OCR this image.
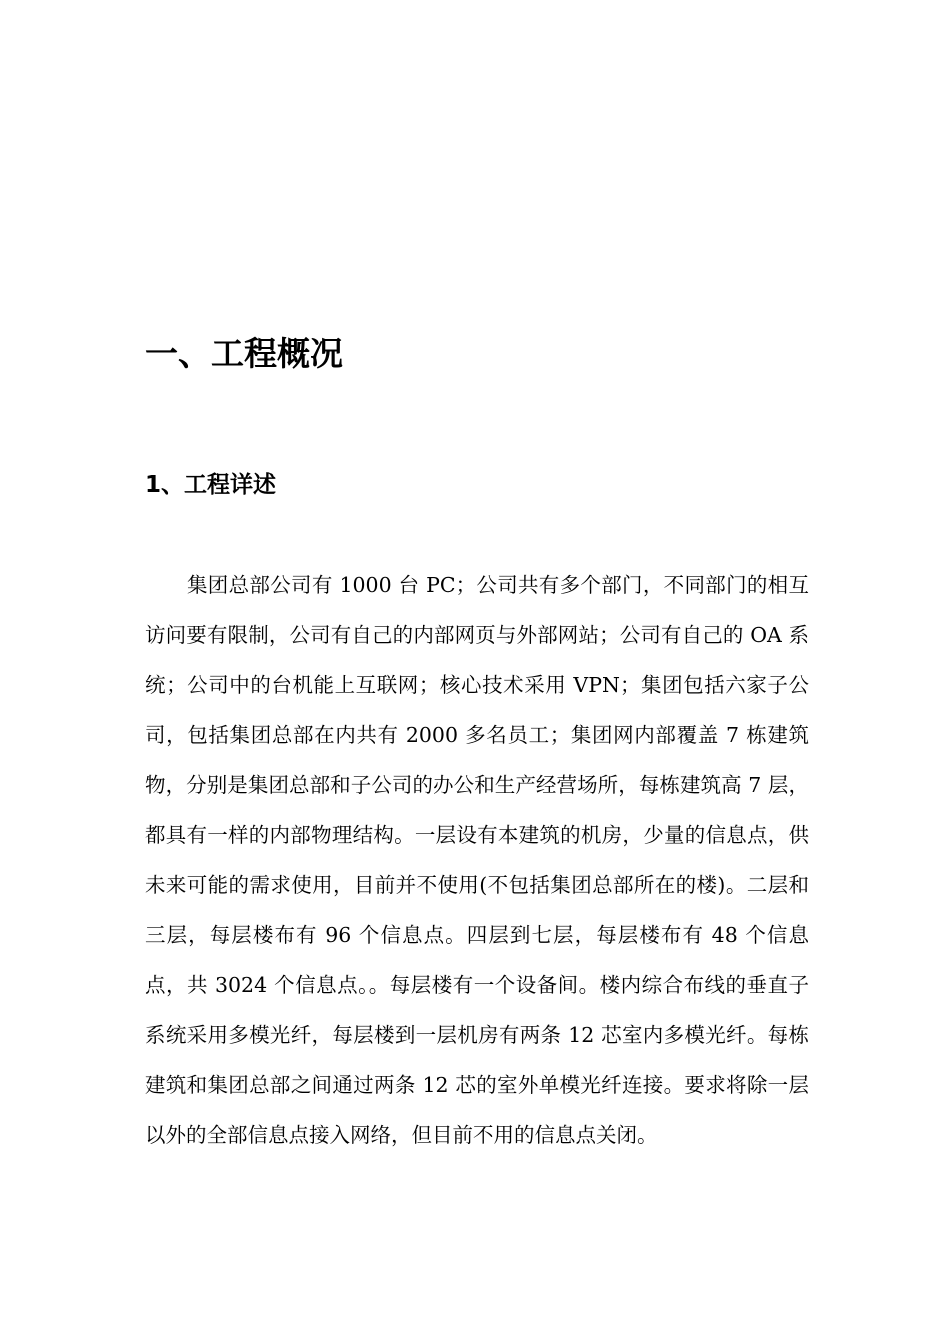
一、工程概况
1、工程详述

集团总部公司有 1000 台 PC；公司共有多个部门，不同部门的相互访问要有限制，公司有自己的内部网页与外部网站；公司有自己的 OA 系统；公司中的台机能上互联网；核心技术采用 VPN；集团包括六家子公司，包括集团总部在内共有 2000 多名员工；集团网内部覆盖 7 栋建筑物，分别是集团总部和子公司的办公和生产经营场所，每栋建筑高 7 层，都具有一样的内部物理结构。一层设有本建筑的机房，少量的信息点，供未来可能的需求使用，目前并不使用(不包括集团总部所在的楼)。二层和三层，每层楼布有 96 个信息点。四层到七层，每层楼布有 48 个信息点，共 3024 个信息点。。每层楼有一个设备间。楼内综合布线的垂直子系统采用多模光纤，每层楼到一层机房有两条 12 芯室内多模光纤。每栋建筑和集团总部之间通过两条 12 芯的室外单模光纤连接。要求将除一层以外的全部信息点接入网络，但目前不用的信息点关闭。
